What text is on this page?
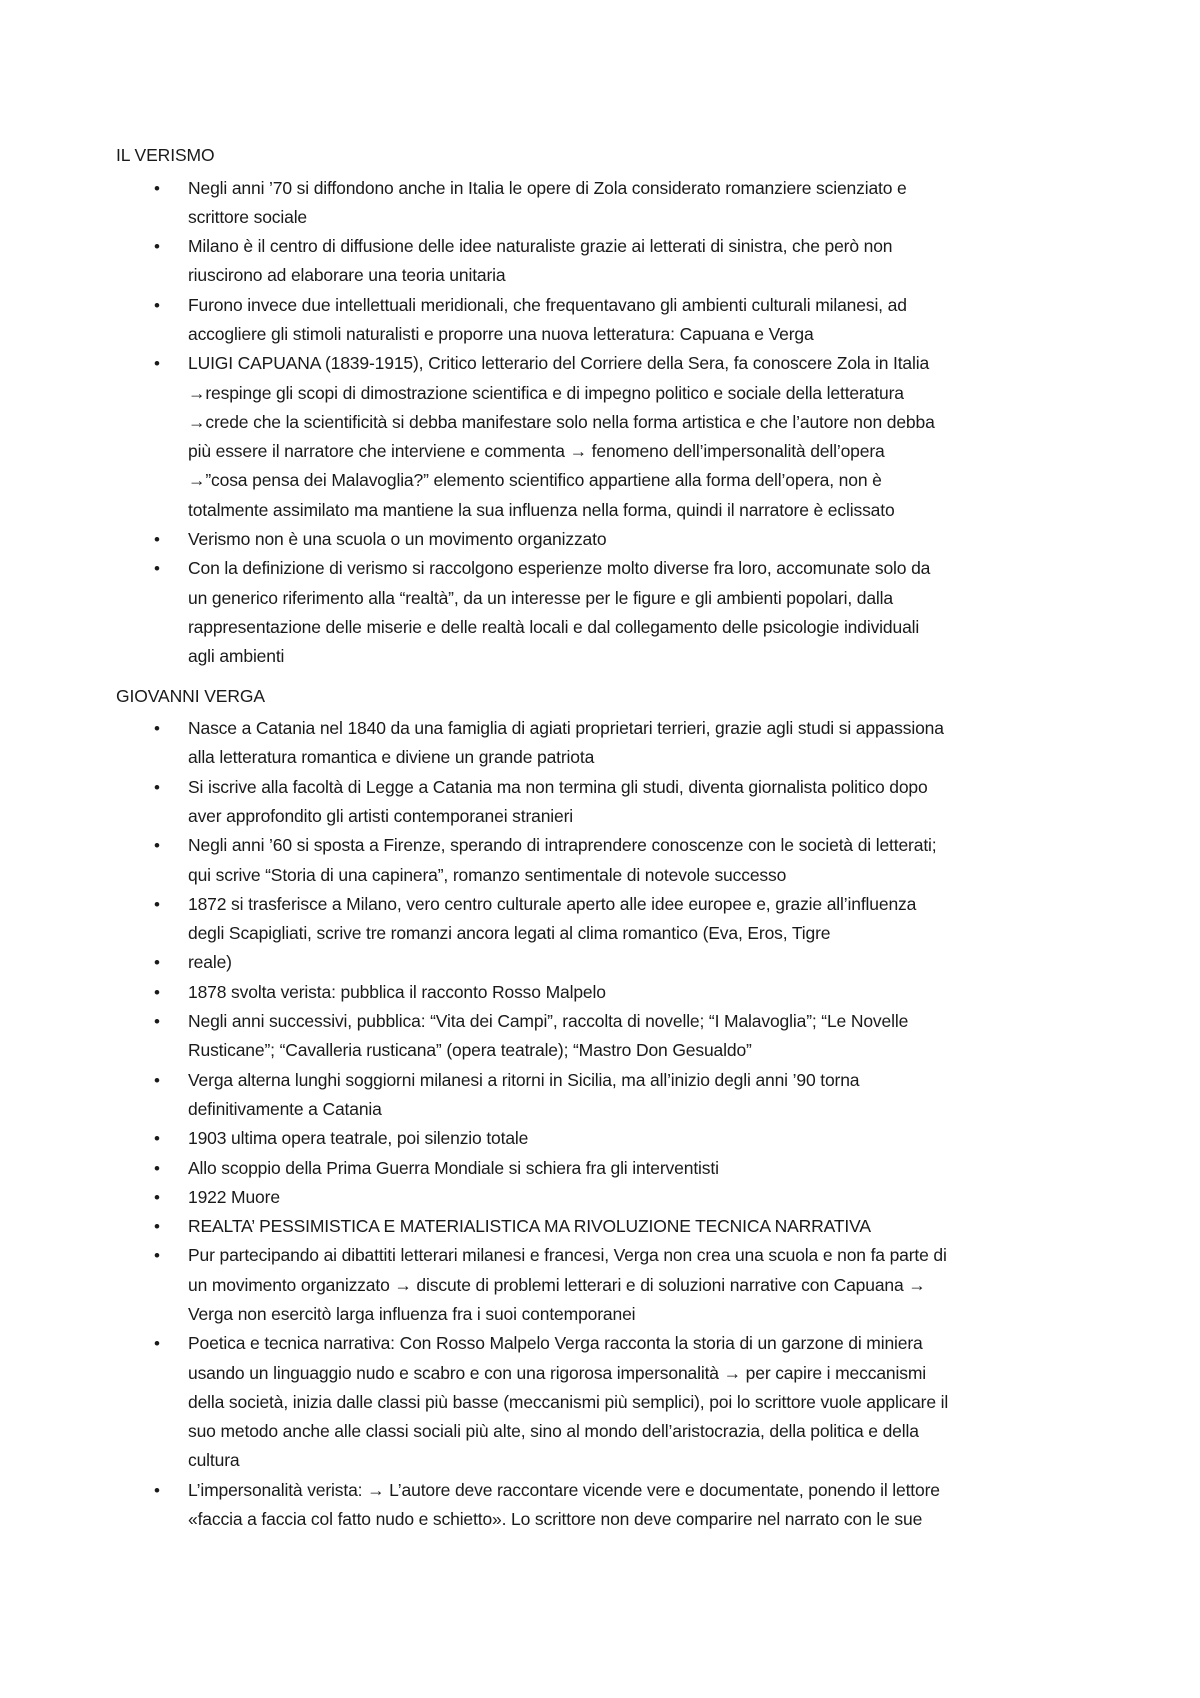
IL VERISMO

• Negli anni ’70 si diffondono anche in Italia le opere di Zola considerato romanziere scienziato e
scrittore sociale
• Milano è il centro di diffusione delle idee naturaliste grazie ai letterati di sinistra, che però non
riuscirono ad elaborare una teoria unitaria
• Furono invece due intellettuali meridionali, che frequentavano gli ambienti culturali milanesi, ad
accogliere gli stimoli naturalisti e proporre una nuova letteratura: Capuana e Verga
• LUIGI CAPUANA (1839-1915), Critico letterario del Corriere della Sera, fa conoscere Zola in Italia
→respinge gli scopi di dimostrazione scientifica e di impegno politico e sociale della letteratura
→crede che la scientificità si debba manifestare solo nella forma artistica e che l’autore non debba
più essere il narratore che interviene e commenta → fenomeno dell’impersonalità dell’opera
→”cosa pensa dei Malavoglia?” elemento scientifico appartiene alla forma dell’opera, non è
totalmente assimilato ma mantiene la sua influenza nella forma, quindi il narratore è eclissato
• Verismo non è una scuola o un movimento organizzato
• Con la definizione di verismo si raccolgono esperienze molto diverse fra loro, accomunate solo da
un generico riferimento alla “realtà”, da un interesse per le figure e gli ambienti popolari, dalla
rappresentazione delle miserie e delle realtà locali e dal collegamento delle psicologie individuali
agli ambienti

GIOVANNI VERGA

• Nasce a Catania nel 1840 da una famiglia di agiati proprietari terrieri, grazie agli studi si appassiona
alla letteratura romantica e diviene un grande patriota
• Si iscrive alla facoltà di Legge a Catania ma non termina gli studi, diventa giornalista politico dopo
aver approfondito gli artisti contemporanei stranieri
• Negli anni ’60 si sposta a Firenze, sperando di intraprendere conoscenze con le società di letterati;
qui scrive “Storia di una capinera”, romanzo sentimentale di notevole successo
• 1872 si trasferisce a Milano, vero centro culturale aperto alle idee europee e, grazie all’influenza
degli Scapigliati, scrive tre romanzi ancora legati al clima romantico (Eva, Eros, Tigre
• reale)
• 1878 svolta verista: pubblica il racconto Rosso Malpelo
• Negli anni successivi, pubblica: “Vita dei Campi”, raccolta di novelle; “I Malavoglia”; “Le Novelle
Rusticane”; “Cavalleria rusticana” (opera teatrale); “Mastro Don Gesualdo”
• Verga alterna lunghi soggiorni milanesi a ritorni in Sicilia, ma all’inizio degli anni ’90 torna
definitivamente a Catania
• 1903 ultima opera teatrale, poi silenzio totale
• Allo scoppio della Prima Guerra Mondiale si schiera fra gli interventisti
• 1922 Muore
• REALTA’ PESSIMISTICA E MATERIALISTICA MA RIVOLUZIONE TECNICA NARRATIVA
• Pur partecipando ai dibattiti letterari milanesi e francesi, Verga non crea una scuola e non fa parte di
un movimento organizzato → discute di problemi letterari e di soluzioni narrative con Capuana →
Verga non esercitò larga influenza fra i suoi contemporanei
• Poetica e tecnica narrativa: Con Rosso Malpelo Verga racconta la storia di un garzone di miniera
usando un linguaggio nudo e scabro e con una rigorosa impersonalità → per capire i meccanismi
della società, inizia dalle classi più basse (meccanismi più semplici), poi lo scrittore vuole applicare il
suo metodo anche alle classi sociali più alte, sino al mondo dell’aristocrazia, della politica e della
cultura
• L’impersonalità verista: → L’autore deve raccontare vicende vere e documentate, ponendo il lettore
«faccia a faccia col fatto nudo e schietto». Lo scrittore non deve comparire nel narrato con le sue
